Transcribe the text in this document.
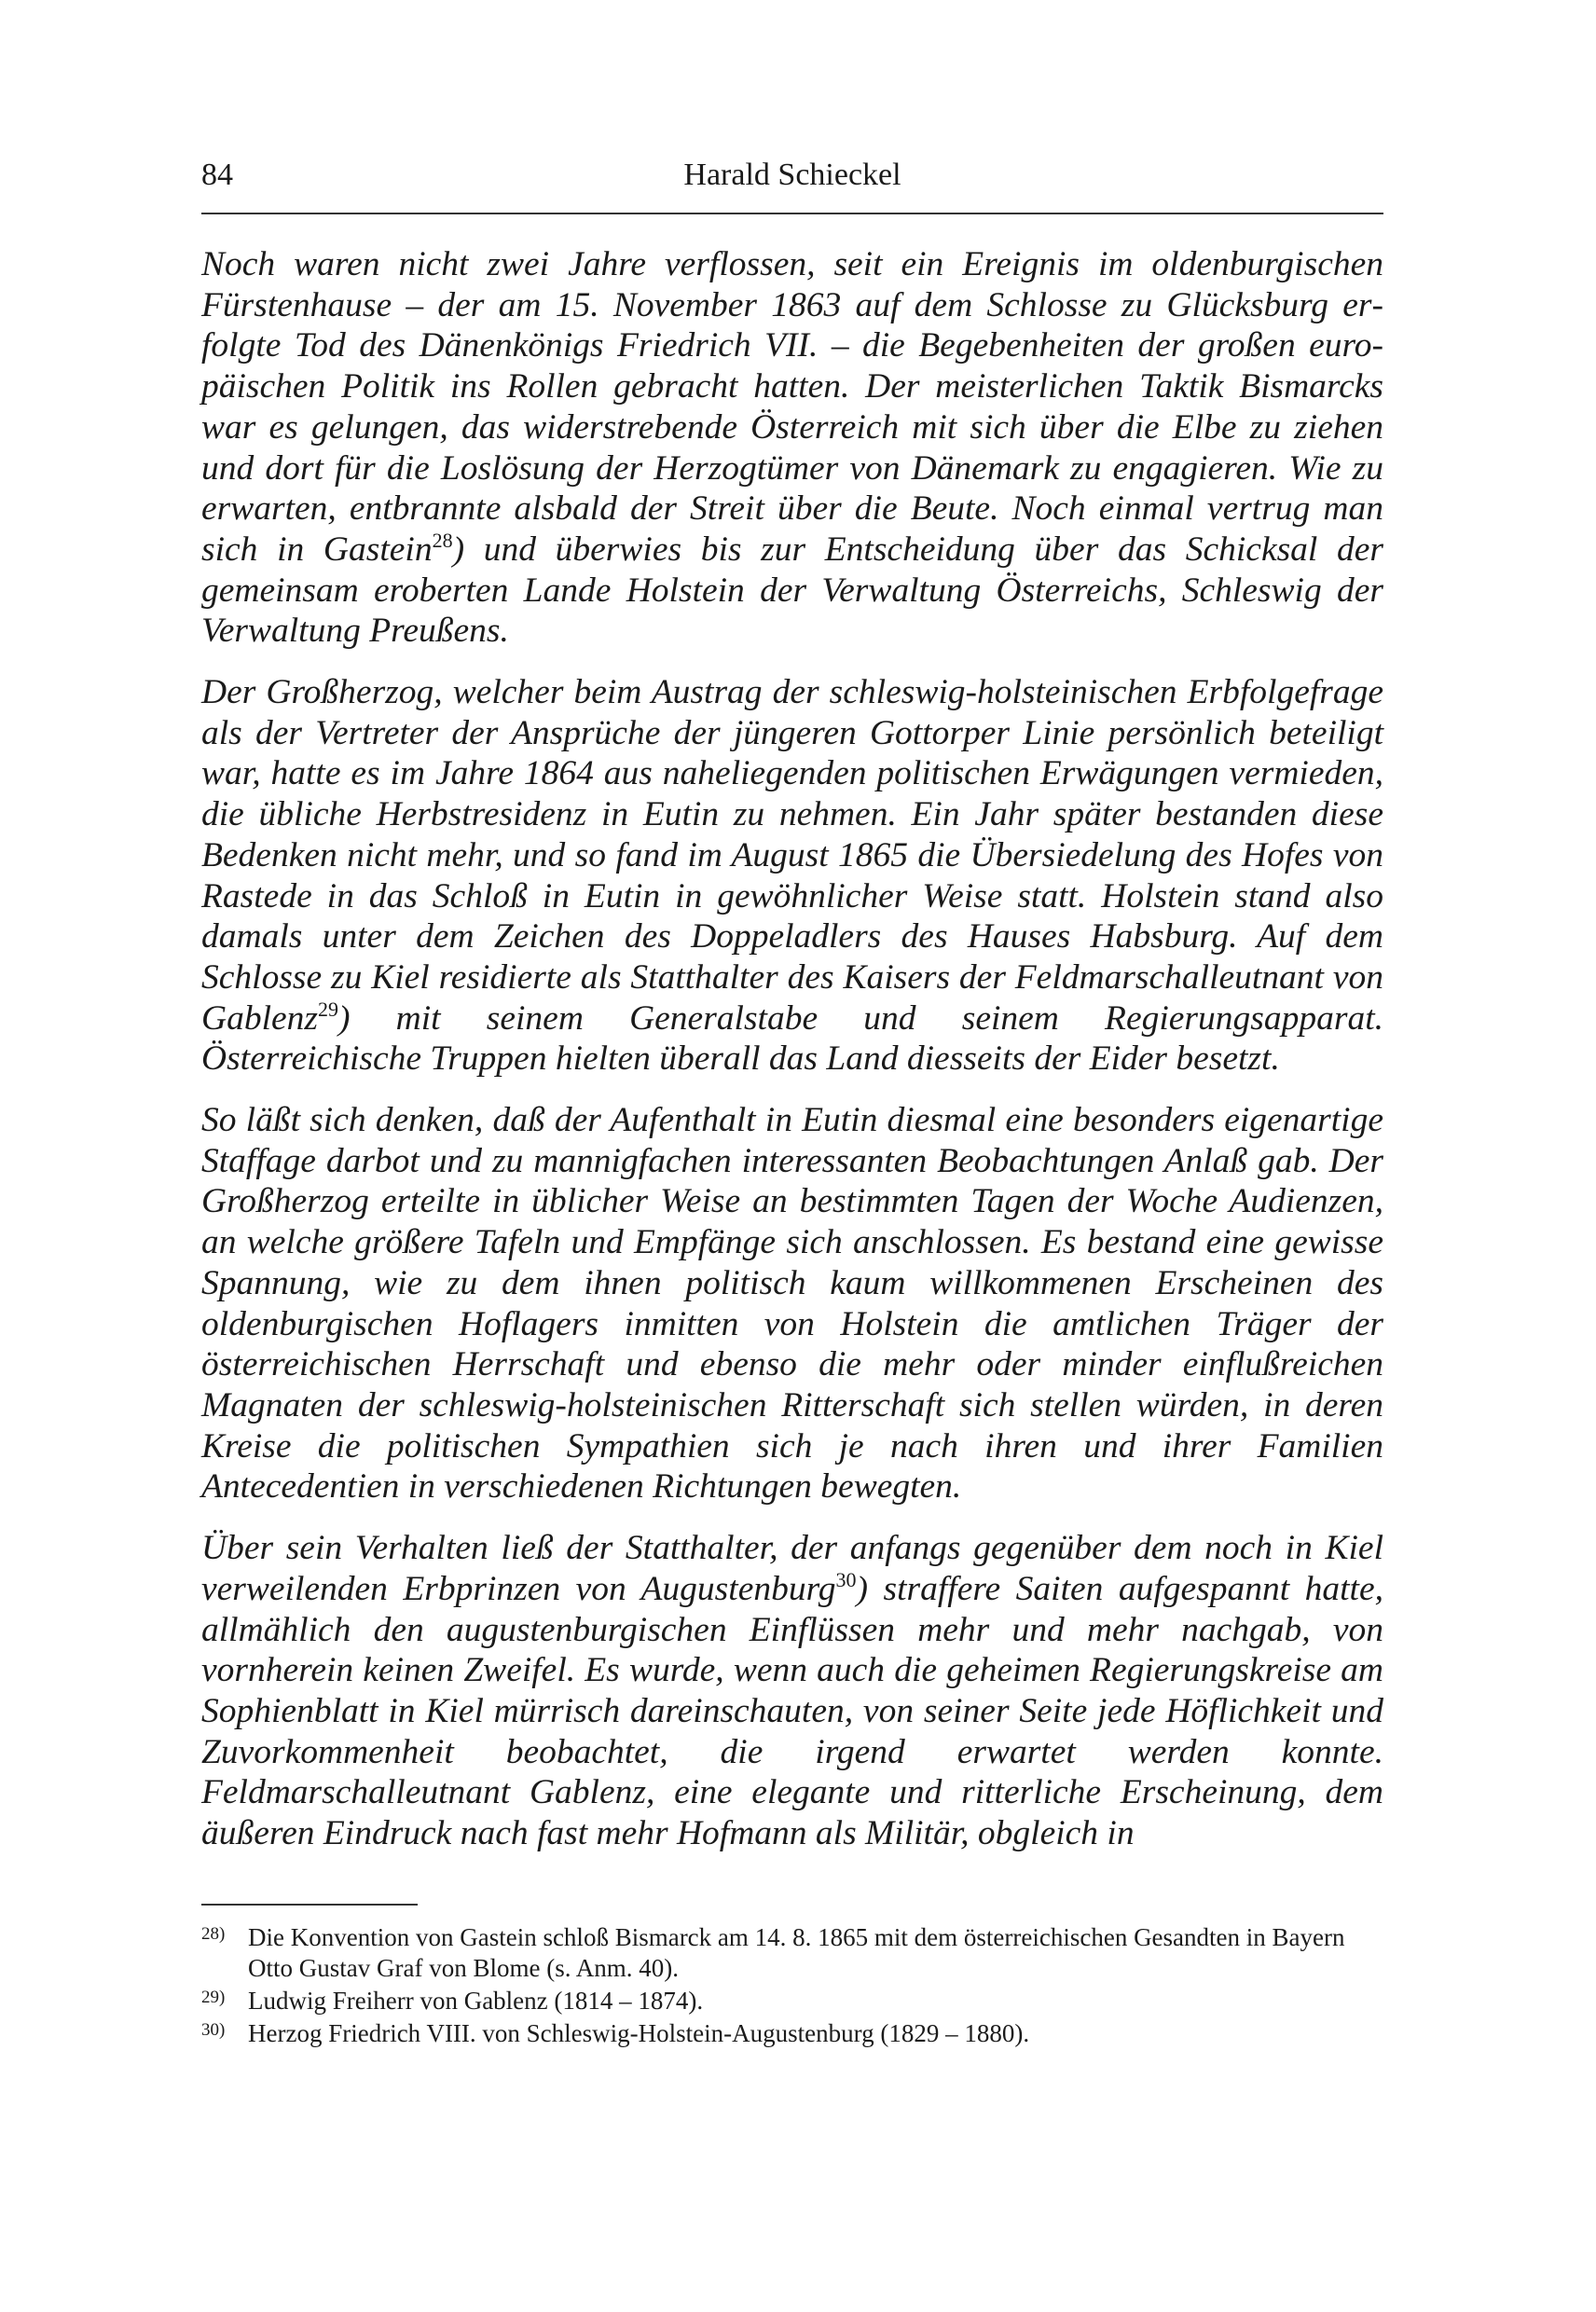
84	Harald Schieckel

Noch waren nicht zwei Jahre verflossen, seit ein Ereignis im oldenburgischen Fürstenhause – der am 15. November 1863 auf dem Schlosse zu Glücksburg erfolgte Tod des Dänenkönigs Friedrich VII. – die Begebenheiten der großen europäischen Politik ins Rollen gebracht hatten. Der meisterlichen Taktik Bismarcks war es gelungen, das widerstrebende Österreich mit sich über die Elbe zu ziehen und dort für die Loslösung der Herzogtümer von Dänemark zu engagieren. Wie zu erwarten, entbrannte alsbald der Streit über die Beute. Noch einmal vertrug man sich in Gastein$^{28}$) und überwies bis zur Entscheidung über das Schicksal der gemeinsam eroberten Lande Holstein der Verwaltung Österreichs, Schleswig der Verwaltung Preußens.

Der Großherzog, welcher beim Austrag der schleswig-holsteinischen Erbfolgefrage als der Vertreter der Ansprüche der jüngeren Gottorper Linie persönlich beteiligt war, hatte es im Jahre 1864 aus naheliegenden politischen Erwägungen vermieden, die übliche Herbstresidenz in Eutin zu nehmen. Ein Jahr später bestanden diese Bedenken nicht mehr, und so fand im August 1865 die Übersiedelung des Hofes von Rastede in das Schloß in Eutin in gewöhnlicher Weise statt. Holstein stand also damals unter dem Zeichen des Doppeladlers des Hauses Habsburg. Auf dem Schlosse zu Kiel residierte als Statthalter des Kaisers der Feldmarschalleutnant von Gablenz$^{29}$) mit seinem Generalstabe und seinem Regierungsapparat. Österreichische Truppen hielten überall das Land diesseits der Eider besetzt.

So läßt sich denken, daß der Aufenthalt in Eutin diesmal eine besonders eigenartige Staffage darbot und zu mannigfachen interessanten Beobachtungen Anlaß gab. Der Großherzog erteilte in üblicher Weise an bestimmten Tagen der Woche Audienzen, an welche größere Tafeln und Empfänge sich anschlossen. Es bestand eine gewisse Spannung, wie zu dem ihnen politisch kaum willkommenen Erscheinen des oldenburgischen Hoflagers inmitten von Holstein die amtlichen Träger der österreichischen Herrschaft und ebenso die mehr oder minder einflußreichen Magnaten der schleswig-holsteinischen Ritterschaft sich stellen würden, in deren Kreise die politischen Sympathien sich je nach ihren und ihrer Familien Antecedentien in verschiedenen Richtungen bewegten.

Über sein Verhalten ließ der Statthalter, der anfangs gegenüber dem noch in Kiel verweilenden Erbprinzen von Augustenburg$^{30}$) straffere Saiten aufgespannt hatte, allmählich den augustenburgischen Einflüssen mehr und mehr nachgab, von vornherein keinen Zweifel. Es wurde, wenn auch die geheimen Regierungskreise am Sophienblatt in Kiel mürrisch dareinschauten, von seiner Seite jede Höflichkeit und Zuvorkommenheit beobachtet, die irgend erwartet werden konnte. Feldmarschalleutnant Gablenz, eine elegante und ritterliche Erscheinung, dem äußeren Eindruck nach fast mehr Hofmann als Militär, obgleich in

28) Die Konvention von Gastein schloß Bismarck am 14. 8. 1865 mit dem österreichischen Gesandten in Bayern Otto Gustav Graf von Blome (s. Anm. 40).
29) Ludwig Freiherr von Gablenz (1814 – 1874).
30) Herzog Friedrich VIII. von Schleswig-Holstein-Augustenburg (1829 – 1880).
